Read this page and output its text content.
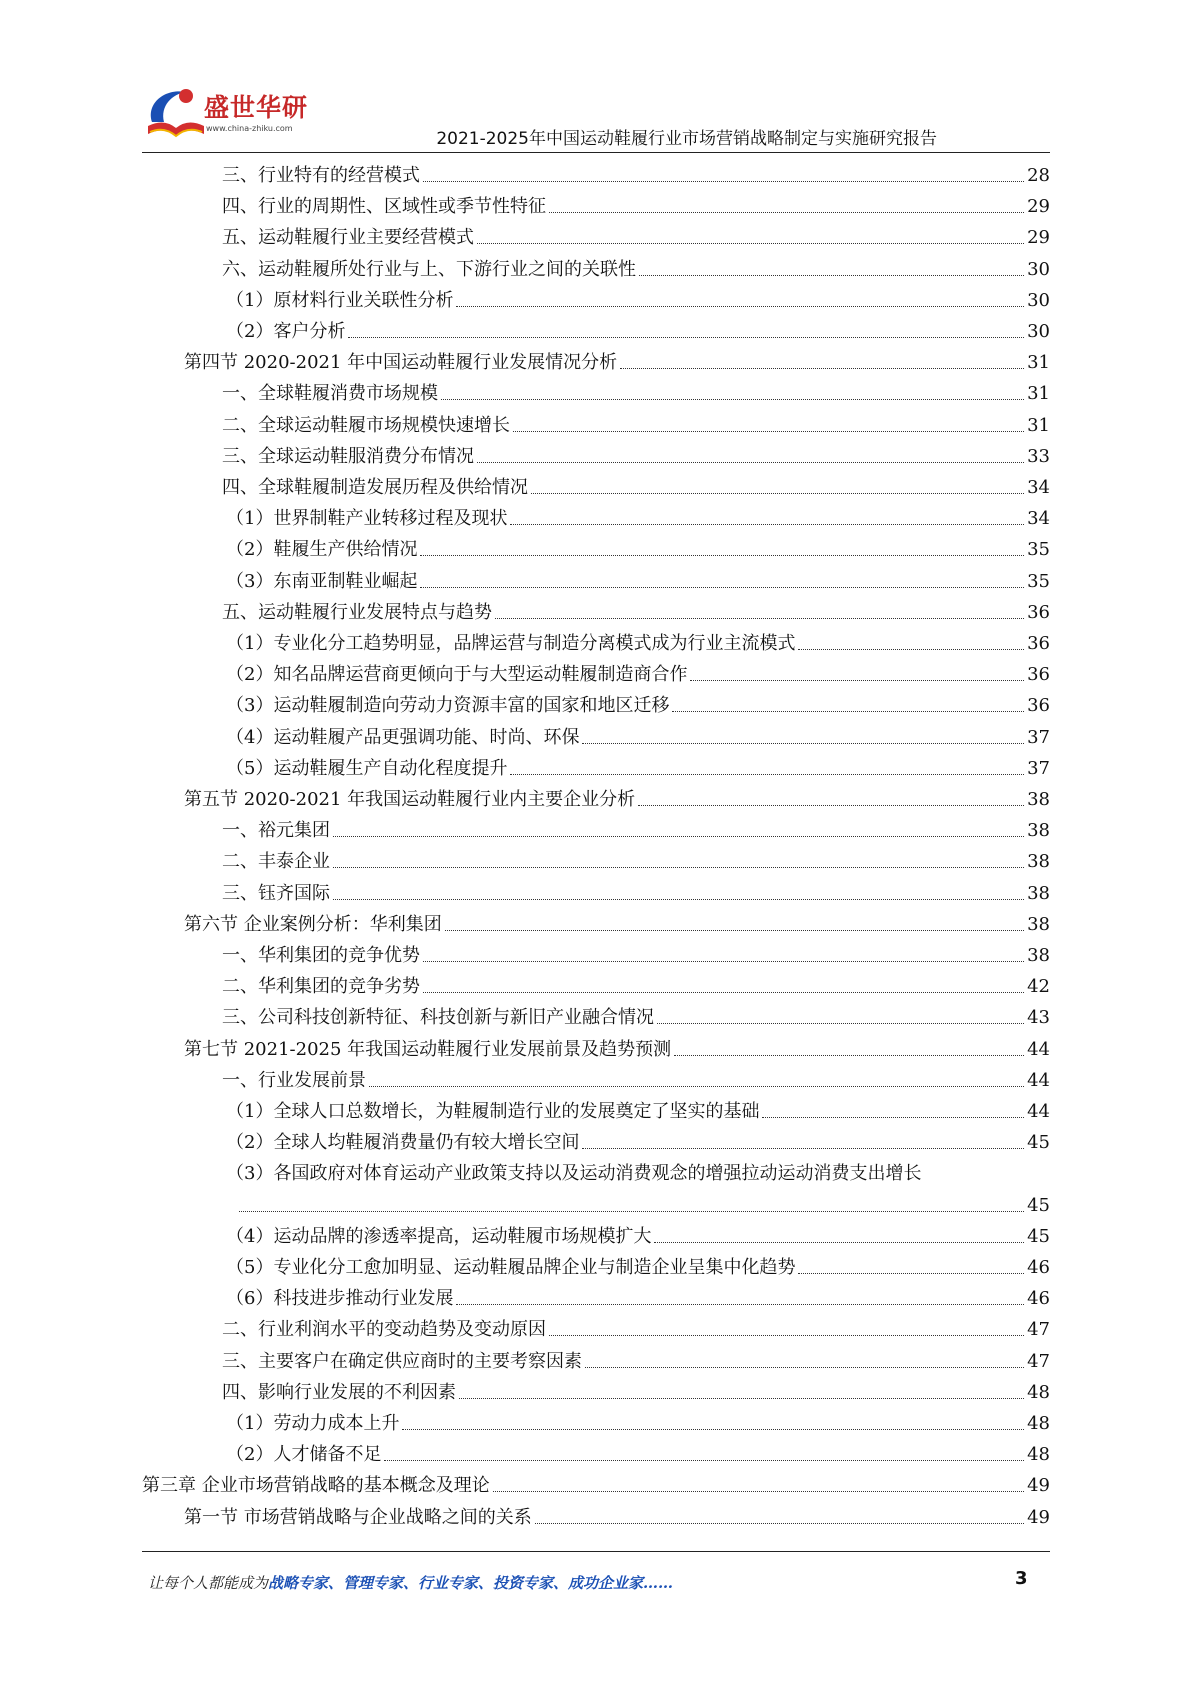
盛世华研
www.china-zhiku.com
2021-2025年中国运动鞋履行业市场营销战略制定与实施研究报告
三、行业特有的经营模式	28
四、行业的周期性、区域性或季节性特征	29
五、运动鞋履行业主要经营模式	29
六、运动鞋履所处行业与上、下游行业之间的关联性	30
（1）原材料行业关联性分析	30
（2）客户分析	30
第四节 2020-2021 年中国运动鞋履行业发展情况分析	31
一、全球鞋履消费市场规模	31
二、全球运动鞋履市场规模快速增长	31
三、全球运动鞋服消费分布情况	33
四、全球鞋履制造发展历程及供给情况	34
（1）世界制鞋产业转移过程及现状	34
（2）鞋履生产供给情况	35
（3）东南亚制鞋业崛起	35
五、运动鞋履行业发展特点与趋势	36
（1）专业化分工趋势明显，品牌运营与制造分离模式成为行业主流模式	36
（2）知名品牌运营商更倾向于与大型运动鞋履制造商合作	36
（3）运动鞋履制造向劳动力资源丰富的国家和地区迁移	36
（4）运动鞋履产品更强调功能、时尚、环保	37
（5）运动鞋履生产自动化程度提升	37
第五节 2020-2021 年我国运动鞋履行业内主要企业分析	38
一、裕元集团	38
二、丰泰企业	38
三、钰齐国际	38
第六节 企业案例分析：华利集团	38
一、华利集团的竞争优势	38
二、华利集团的竞争劣势	42
三、公司科技创新特征、科技创新与新旧产业融合情况	43
第七节 2021-2025 年我国运动鞋履行业发展前景及趋势预测	44
一、行业发展前景	44
（1）全球人口总数增长，为鞋履制造行业的发展奠定了坚实的基础	44
（2）全球人均鞋履消费量仍有较大增长空间	45
（3）各国政府对体育运动产业政策支持以及运动消费观念的增强拉动运动消费支出增长
45
（4）运动品牌的渗透率提高，运动鞋履市场规模扩大	45
（5）专业化分工愈加明显、运动鞋履品牌企业与制造企业呈集中化趋势	46
（6）科技进步推动行业发展	46
二、行业利润水平的变动趋势及变动原因	47
三、主要客户在确定供应商时的主要考察因素	47
四、影响行业发展的不利因素	48
（1）劳动力成本上升	48
（2）人才储备不足	48
第三章 企业市场营销战略的基本概念及理论	49
第一节 市场营销战略与企业战略之间的关系	49
让每个人都能成为战略专家、管理专家、行业专家、投资专家、成功企业家……	3
